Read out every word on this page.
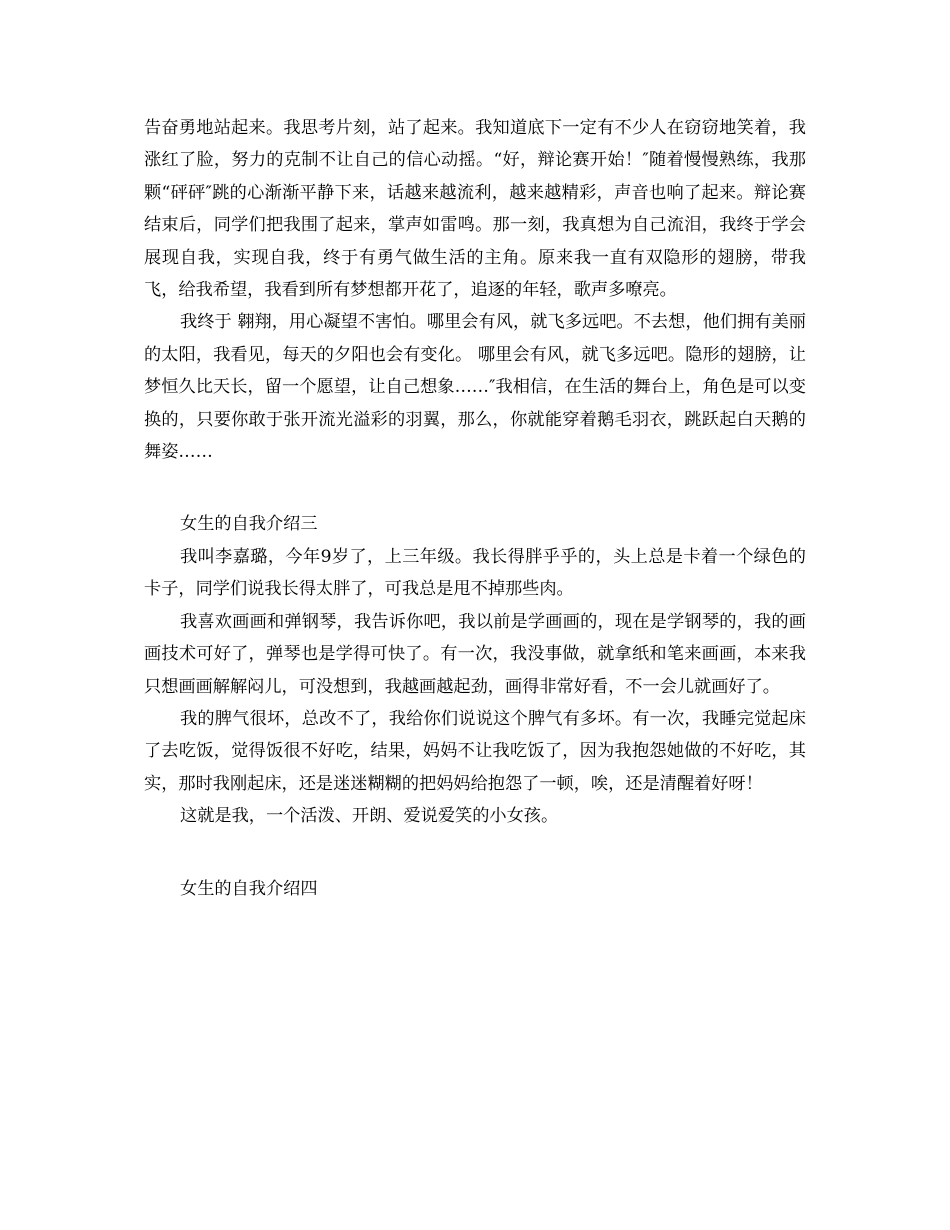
告奋勇地站起来。我思考片刻，站了起来。我知道底下一定有不少人在窃窃地笑着，我涨红了脸，努力的克制不让自己的信心动摇。“好，辩论赛开始！″随着慢慢熟练，我那颗“砰砰″跳的心渐渐平静下来，话越来越流利，越来越精彩，声音也响了起来。辩论赛结束后，同学们把我围了起来，掌声如雷鸣。那一刻，我真想为自己流泪，我终于学会展现自我，实现自我，终于有勇气做生活的主角。原来我一直有双隐形的翅膀，带我飞，给我希望，我看到所有梦想都开花了，追逐的年轻，歌声多嘹亮。

我终于 翱翔，用心凝望不害怕。哪里会有风，就飞多远吧。不去想，他们拥有美丽的太阳，我看见，每天的夕阳也会有变化。 哪里会有风，就飞多远吧。隐形的翅膀，让梦恒久比天长，留一个愿望，让自己想象……″我相信，在生活的舞台上，角色是可以变换的，只要你敢于张开流光溢彩的羽翼，那么，你就能穿着鹅毛羽衣，跳跃起白天鹅的舞姿……

女生的自我介绍三

我叫李嘉璐，今年9岁了，上三年级。我长得胖乎乎的，头上总是卡着一个绿色的卡子，同学们说我长得太胖了，可我总是甩不掉那些肉。

我喜欢画画和弹钢琴，我告诉你吧，我以前是学画画的，现在是学钢琴的，我的画画技术可好了，弹琴也是学得可快了。有一次，我没事做，就拿纸和笔来画画，本来我只想画画解解闷儿，可没想到，我越画越起劲，画得非常好看，不一会儿就画好了。

我的脾气很坏，总改不了，我给你们说说这个脾气有多坏。有一次，我睡完觉起床了去吃饭，觉得饭很不好吃，结果，妈妈不让我吃饭了，因为我抱怨她做的不好吃，其实，那时我刚起床，还是迷迷糊糊的把妈妈给抱怨了一顿，唉，还是清醒着好呀！

这就是我，一个活泼、开朗、爱说爱笑的小女孩。

女生的自我介绍四
